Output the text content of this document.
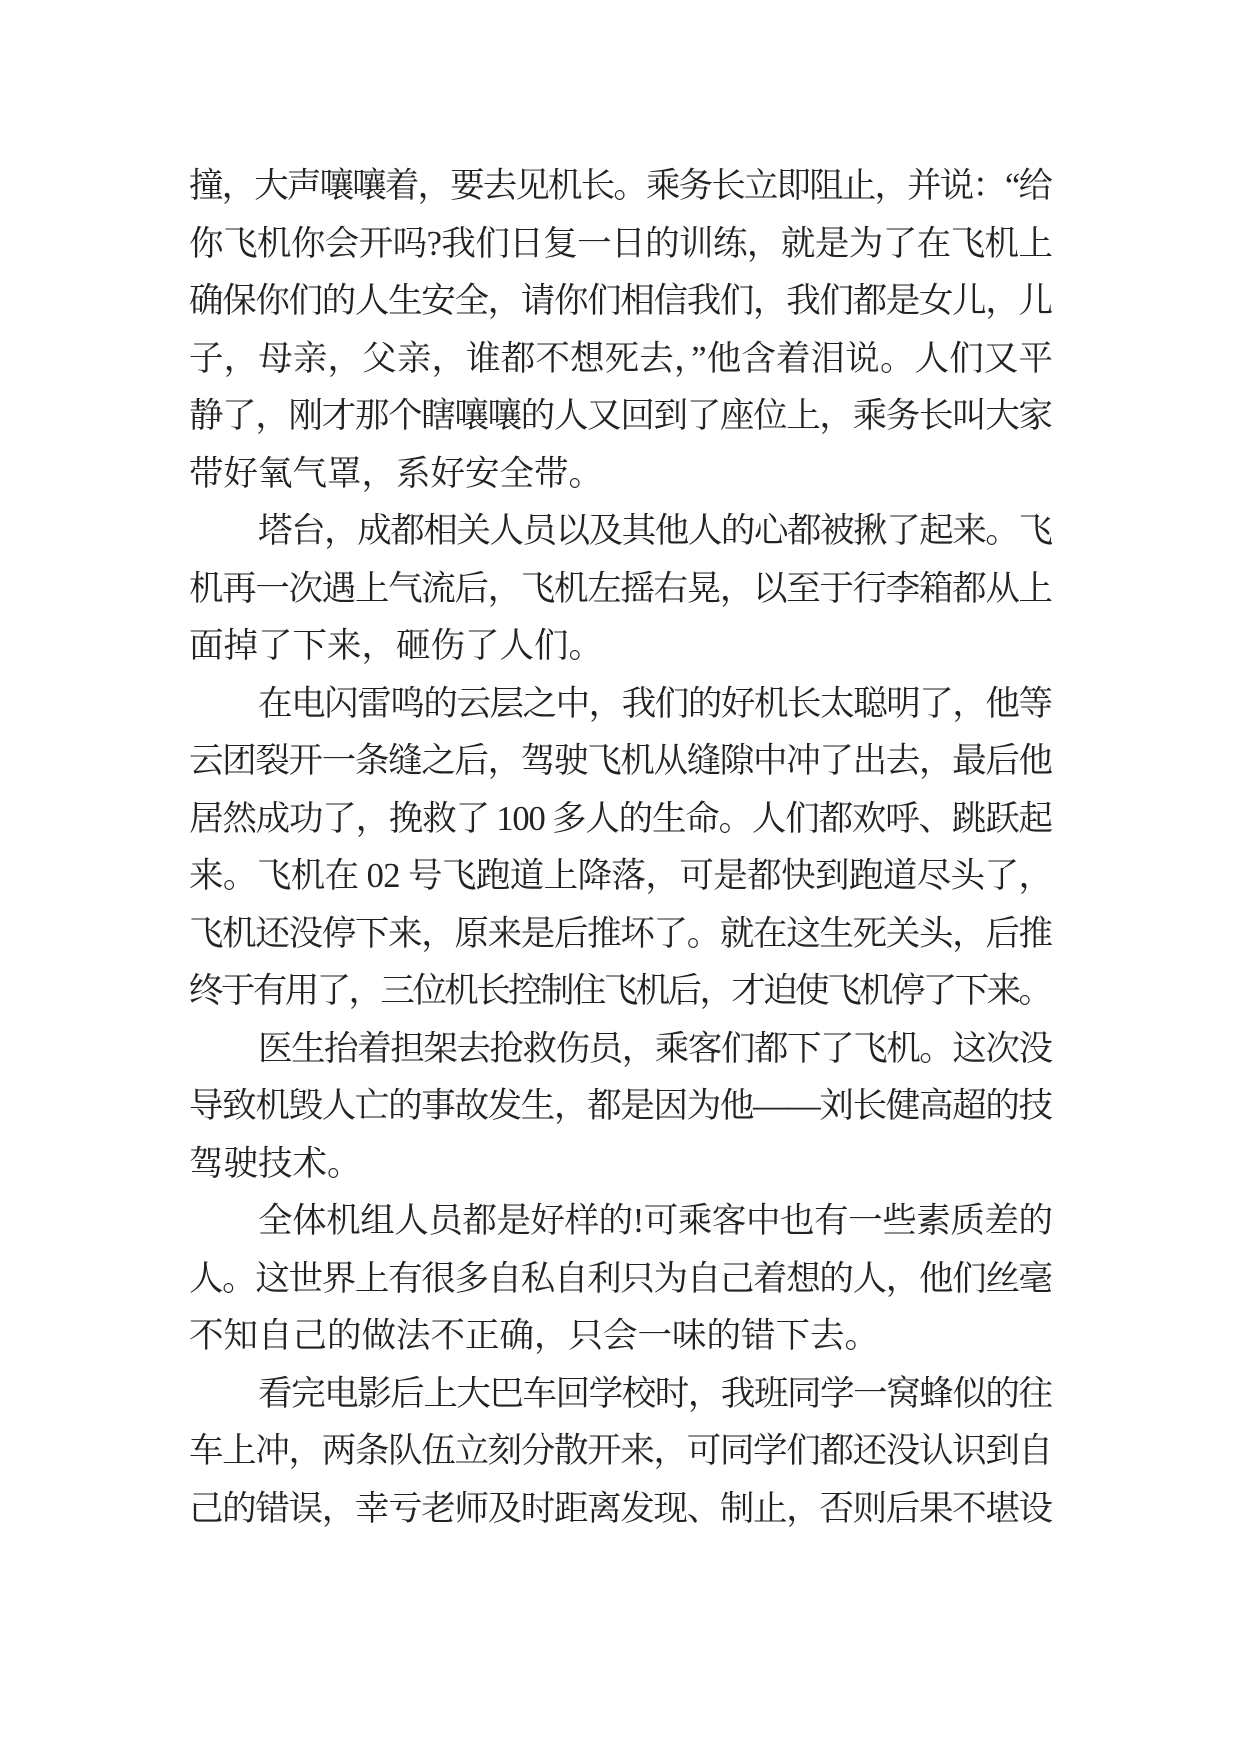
撞，大声嚷嚷着，要去见机长。乘务长立即阻止，并说：“给
你飞机你会开吗?我们日复一日的训练，就是为了在飞机上
确保你们的人生安全，请你们相信我们，我们都是女儿，儿
子，母亲，父亲，谁都不想死去，”他含着泪说。人们又平
静了，刚才那个瞎嚷嚷的人又回到了座位上，乘务长叫大家
带好氧气罩，系好安全带。
塔台，成都相关人员以及其他人的心都被揪了起来。飞
机再一次遇上气流后，飞机左摇右晃，以至于行李箱都从上
面掉了下来，砸伤了人们。
在电闪雷鸣的云层之中，我们的好机长太聪明了，他等
云团裂开一条缝之后，驾驶飞机从缝隙中冲了出去，最后他
居然成功了，挽救了 100 多人的生命。人们都欢呼、跳跃起
来。飞机在 02 号飞跑道上降落，可是都快到跑道尽头了，
飞机还没停下来，原来是后推坏了。就在这生死关头，后推
终于有用了，三位机长控制住飞机后，才迫使飞机停了下来。
医生抬着担架去抢救伤员，乘客们都下了飞机。这次没
导致机毁人亡的事故发生，都是因为他——刘长健高超的技
驾驶技术。
全体机组人员都是好样的!可乘客中也有一些素质差的
人。这世界上有很多自私自利只为自己着想的人，他们丝毫
不知自己的做法不正确，只会一味的错下去。
看完电影后上大巴车回学校时，我班同学一窝蜂似的往
车上冲，两条队伍立刻分散开来，可同学们都还没认识到自
己的错误，幸亏老师及时距离发现、制止，否则后果不堪设
